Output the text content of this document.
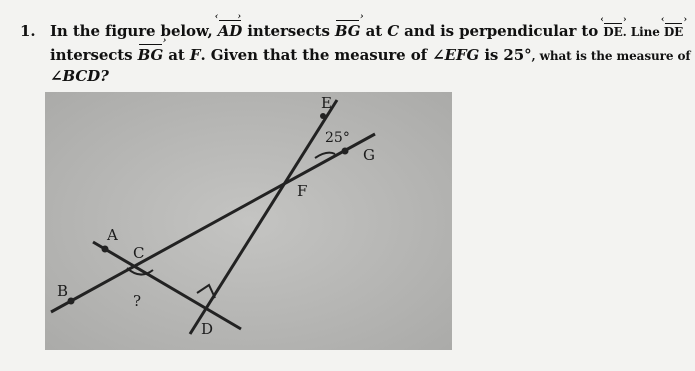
1. In the figure below, AD ‹ › intersects BG › at C and is perpendicular to DE ‹ ›. Line DE ‹ ›
intersects BG › at F. Given that the measure of ∠EFG is 25°, what is the measure of
∠BCD?
E
25°
G
F
A
C
B
?
D
